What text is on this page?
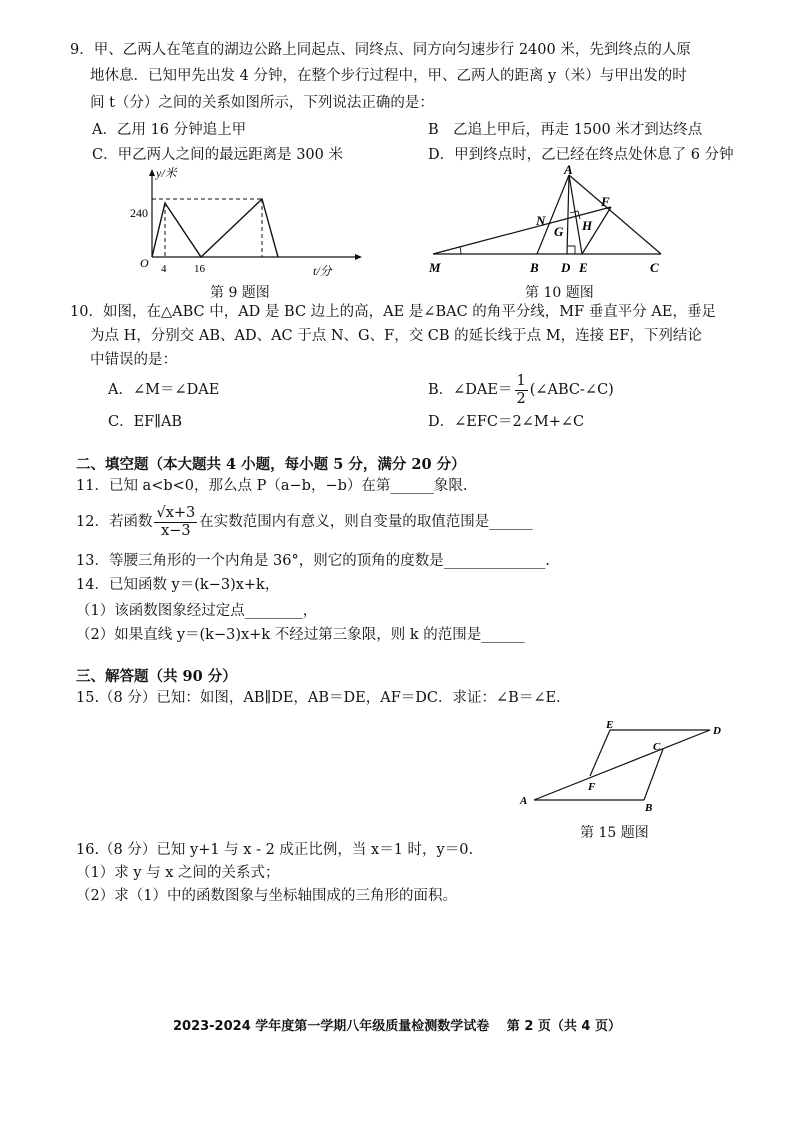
9．甲、乙两人在笔直的湖边公路上同起点、同终点、同方向匀速步行 2400 米，先到终点的人原
地休息．已知甲先出发 4 分钟，在整个步行过程中，甲、乙两人的距离 y（米）与甲出发的时
间 t（分）之间的关系如图所示，下列说法正确的是：
A．乙用 16 分钟追上甲	B　乙追上甲后，再走 1500 米才到达终点
C．甲乙两人之间的最远距离是 300 米	D．甲到终点时，乙已经在终点处休息了 6 分钟
y/米
240
O 4	16	t/分
第 9 题图
A
N
F
G H
M	B D E	C
第 10 题图
10．如图，在△ABC 中，AD 是 BC 边上的高，AE 是∠BAC 的角平分线，MF 垂直平分 AE，垂足
为点 H，分别交 AB、AD、AC 于点 N、G、F，交 CB 的延长线于点 M，连接 EF，下列结论
中错误的是：
A．∠M＝∠DAE	B．∠DAE＝ $\frac{1}{2}$ (∠ABC-∠C)
C．EF∥AB	D．∠EFC＝2∠M+∠C
二、填空题（本大题共 4 小题，每小题 5 分，满分 20 分）
11．已知 a<b<0，那么点 P（a−b，−b）在第______象限.
12．若函数 $\frac{√x+3}{x-3}$ 在实数范围内有意义，则自变量的取值范围是______
13．等腰三角形的一个内角是 36°，则它的顶角的度数是______________.
14．已知函数 y＝(k−3)x+k，
（1）该函数图象经过定点________，
（2）如果直线 y＝(k−3)x+k 不经过第三象限，则 k 的范围是______
三、解答题（共 90 分）
15.（8 分）已知：如图，AB∥DE，AB＝DE，AF＝DC．求证：∠B＝∠E．
E	D
C
F
A
B
第 15 题图
16.（8 分）已知 y+1 与 x - 2 成正比例，当 x＝1 时，y＝0.
（1）求 y 与 x 之间的关系式；
（2）求（1）中的函数图象与坐标轴围成的三角形的面积。
2023-2024 学年度第一学期八年级质量检测数学试卷　 第 2 页（共 4 页）
